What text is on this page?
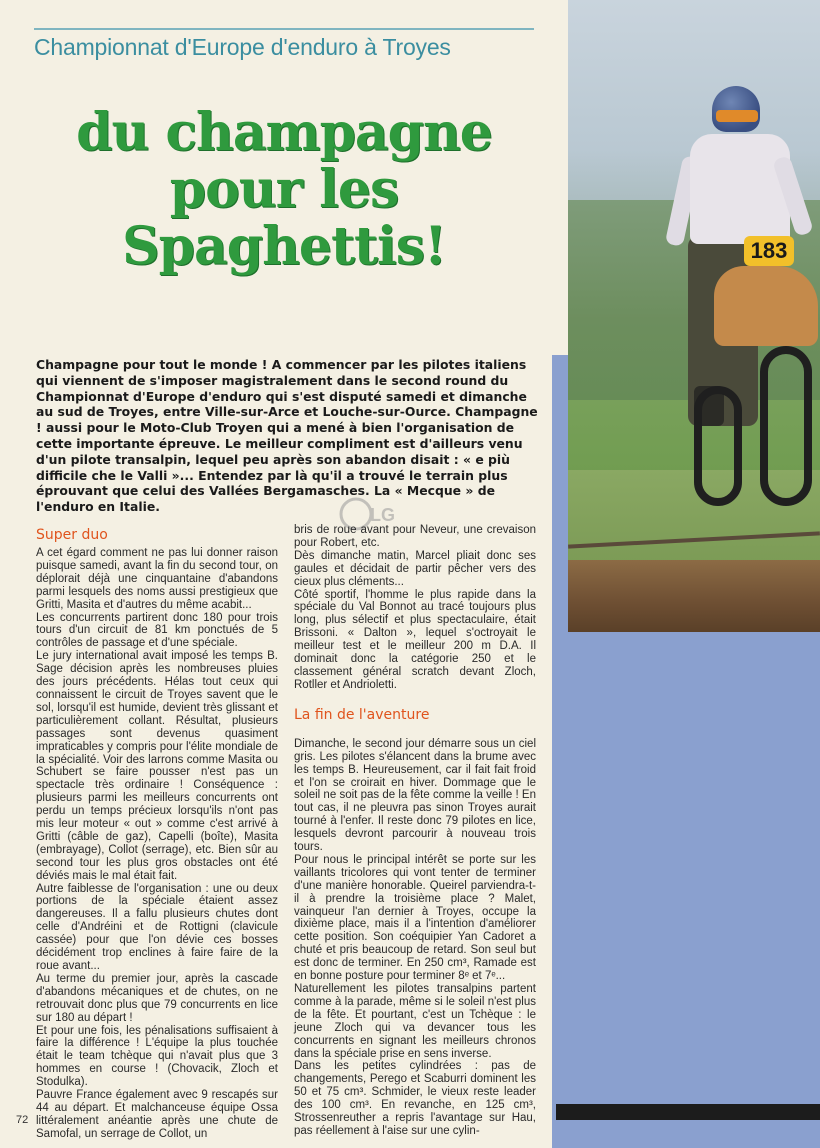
183
Championnat d'Europe d'enduro à Troyes
du champagne
pour les
Spaghettis!
Champagne pour tout le monde ! A commencer par les pilotes italiens qui viennent de s'imposer magistralement dans le second round du Championnat d'Europe d'enduro qui s'est disputé samedi et dimanche au sud de Troyes, entre Ville-sur-Arce et Louche-sur-Ource. Champagne ! aussi pour le Moto-Club Troyen qui a mené à bien l'organisation de cette importante épreuve. Le meilleur compliment est d'ailleurs venu d'un pilote transalpin, lequel peu après son abandon disait : « e più difficile che le Valli »... Entendez par là qu'il a trouvé le terrain plus éprouvant que celui des Vallées Bergamasches. La « Mecque » de l'enduro en Italie.	LG
Super duo

A cet égard comment ne pas lui donner raison puisque samedi, avant la fin du second tour, on déplorait déjà une cinquantaine d'abandons parmi lesquels des noms aussi prestigieux que Gritti, Masita et d'autres du même acabit...

Les concurrents partirent donc 180 pour trois tours d'un circuit de 81 km ponctués de 5 contrôles de passage et d'une spéciale.

Le jury international avait imposé les temps B. Sage décision après les nombreuses pluies des jours précédents. Hélas tout ceux qui connaissent le circuit de Troyes savent que le sol, lorsqu'il est humide, devient très glissant et particulièrement collant. Résultat, plusieurs passages sont devenus quasiment impraticables y compris pour l'élite mondiale de la spécialité. Voir des larrons comme Masita ou Schubert se faire pousser n'est pas un spectacle très ordinaire ! Conséquence : plusieurs parmi les meilleurs concurrents ont perdu un temps précieux lorsqu'ils n'ont pas mis leur moteur « out » comme c'est arrivé à Gritti (câble de gaz), Capelli (boîte), Masita (embrayage), Collot (serrage), etc. Bien sûr au second tour les plus gros obstacles ont été déviés mais le mal était fait.

Autre faiblesse de l'organisation : une ou deux portions de la spéciale étaient assez dangereuses. Il a fallu plusieurs chutes dont celle d'Andréini et de Rottigni (clavicule cassée) pour que l'on dévie ces bosses décidément trop enclines à faire faire de la roue avant...

Au terme du premier jour, après la cascade d'abandons mécaniques et de chutes, on ne retrouvait donc plus que 79 concurrents en lice sur 180 au départ !

Et pour une fois, les pénalisations suffisaient à faire la différence ! L'équipe la plus touchée était le team tchèque qui n'avait plus que 3 hommes en course ! (Chovacik, Zloch et Stodulka).

Pauvre France également avec 9 rescapés sur 44 au départ. Et malchanceuse équipe Ossa littéralement anéantie après une chute de Samofal, un serrage de Collot, un

bris de roue avant pour Neveur, une crevaison pour Robert, etc.

Dès dimanche matin, Marcel pliait donc ses gaules et décidait de partir pêcher vers des cieux plus cléments...

Côté sportif, l'homme le plus rapide dans la spéciale du Val Bonnot au tracé toujours plus long, plus sélectif et plus spectaculaire, était Brissoni. « Dalton », lequel s'octroyait le meilleur test et le meilleur 200 m D.A. Il dominait donc la catégorie 250 et le classement général scratch devant Zloch, Rotller et Andrioletti.

La fin de l'aventure

Dimanche, le second jour démarre sous un ciel gris. Les pilotes s'élancent dans la brume avec les temps B. Heureusement, car il fait fait froid et l'on se croirait en hiver. Dommage que le soleil ne soit pas de la fête comme la veille ! En tout cas, il ne pleuvra pas sinon Troyes aurait tourné à l'enfer. Il reste donc 79 pilotes en lice, lesquels devront parcourir à nouveau trois tours.

Pour nous le principal intérêt se porte sur les vaillants tricolores qui vont tenter de terminer d'une manière honorable. Queirel parviendra-t-il à prendre la troisième place ? Malet, vainqueur l'an dernier à Troyes, occupe la dixième place, mais il a l'intention d'améliorer cette position. Son coéquipier Yan Cadoret a chuté et pris beaucoup de retard. Son seul but est donc de terminer. En 250 cm³, Ramade est en bonne posture pour terminer 8ᵉ et 7ᵉ...

Naturellement les pilotes transalpins partent comme à la parade, même si le soleil n'est plus de la fête. Et pourtant, c'est un Tchèque : le jeune Zloch qui va devancer tous les concurrents en signant les meilleurs chronos dans la spéciale prise en sens inverse.

Dans les petites cylindrées : pas de changements, Perego et Scaburri dominent les 50 et 75 cm³. Schmider, le vieux reste leader des 100 cm³. En revanche, en 125 cm³, Strossenreuther a repris l'avantage sur Hau, pas réellement à l'aise sur une cylin-

72
